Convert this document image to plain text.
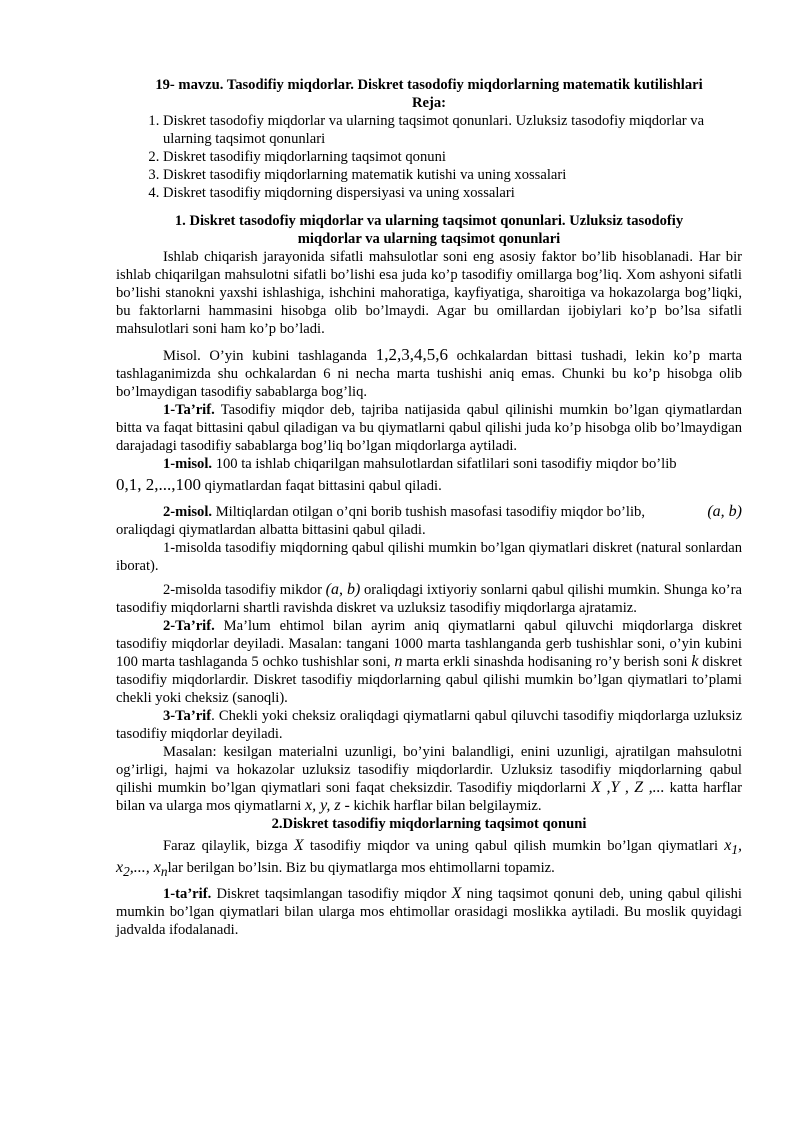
19- mavzu. Tasodifiy miqdorlar. Diskret tasodofiy miqdorlarning matematik kutilishlari
Reja:
1. Diskret tasodofiy miqdorlar va ularning taqsimot qonunlari. Uzluksiz tasodofiy miqdorlar va ularning taqsimot qonunlari
2. Diskret tasodifiy miqdorlarning taqsimot qonuni
3. Diskret tasodifiy miqdorlarning matematik kutishi va uning xossalari
4. Diskret tasodifiy miqdorning dispersiyasi va uning xossalari
1. Diskret tasodofiy miqdorlar va ularning taqsimot qonunlari. Uzluksiz tasodofiy miqdorlar va ularning taqsimot qonunlari

Ishlab chiqarish jarayonida sifatli mahsulotlar soni eng asosiy faktor bo’lib hisoblanadi. Har bir ishlab chiqarilgan mahsulotni sifatli bo’lishi esa juda ko’p tasodifiy omillarga bog’liq. Xom ashyoni sifatli bo’lishi stanokni yaxshi ishlashiga, ishchini mahoratiga, kayfiyatiga, sharoitiga va hokazolarga bog’liqki, bu faktorlarni hammasini hisobga olib bo’lmaydi. Agar bu omillardan ijobiylari ko’p bo’lsa sifatli mahsulotlari soni ham ko’p bo’ladi.

Misol. O’yin kubini tashlaganda 1,2,3,4,5,6 ochkalardan bittasi tushadi, lekin ko’p marta tashlaganimizda shu ochkalardan 6 ni necha marta tushishi aniq emas. Chunki bu ko’p hisobga olib bo’lmaydigan tasodifiy sabablarga bog’liq.

1-Ta’rif. Tasodifiy miqdor deb, tajriba natijasida qabul qilinishi mumkin bo’lgan qiymatlardan bitta va faqat bittasini qabul qiladigan va bu qiymatlarni qabul qilishi juda ko’p hisobga olib bo’lmaydigan darajadagi tasodifiy sabablarga bog’liq bo’lgan miqdorlarga aytiladi.

1-misol. 100 ta ishlab chiqarilgan mahsulotlardan sifatlilari soni tasodifiy miqdor bo’lib

0,1, 2,...,100 qiymatlardan faqat bittasini qabul qiladi.

2-misol. Miltiqlardan otilgan o’qni borib tushish masofasi tasodifiy miqdor bo’lib,	(a, b)

oraliqdagi qiymatlardan albatta bittasini qabul qiladi.

1-misolda tasodifiy miqdorning qabul qilishi mumkin bo’lgan qiymatlari diskret (natural sonlardan iborat).

2-misolda tasodifiy mikdor (a, b) oraliqdagi ixtiyoriy sonlarni qabul qilishi mumkin. Shunga ko’ra tasodifiy miqdorlarni shartli ravishda diskret va uzluksiz tasodifiy miqdorlarga ajratamiz.

2-Ta’rif. Ma’lum ehtimol bilan ayrim aniq qiymatlarni qabul qiluvchi miqdorlarga diskret tasodifiy miqdorlar deyiladi. Masalan: tangani 1000 marta tashlanganda gerb tushishlar soni, o’yin kubini 100 marta tashlaganda 5 ochko tushishlar soni, n marta erkli sinashda hodisaning ro’y berish soni k diskret tasodifiy miqdorlardir. Diskret tasodifiy miqdorlarning qabul qilishi mumkin bo’lgan qiymatlari to’plami chekli yoki cheksiz (sanoqli).

3-Ta’rif. Chekli yoki cheksiz oraliqdagi qiymatlarni qabul qiluvchi tasodifiy miqdorlarga uzluksiz tasodifiy miqdorlar deyiladi.

Masalan: kesilgan materialni uzunligi, bo’yini balandligi, enini uzunligi, ajratilgan mahsulotni og’irligi, hajmi va hokazolar uzluksiz tasodifiy miqdorlardir. Uzluksiz tasodifiy miqdorlarning qabul qilishi mumkin bo’lgan qiymatlari soni faqat cheksizdir. Tasodifiy miqdorlarni X ,Y , Z ,... katta harflar bilan va ularga mos qiymatlarni x, y, z - kichik harflar bilan belgilaymiz.

2.Diskret tasodifiy miqdorlarning taqsimot qonuni

Faraz qilaylik, bizga X tasodifiy miqdor va uning qabul qilish mumkin bo’lgan qiymatlari $x_1$, $x_2$,..., $x_nlar$ berilgan bo’lsin. Biz bu qiymatlarga mos ehtimollarni topamiz.

1-ta’rif. Diskret taqsimlangan tasodifiy miqdor X ning taqsimot qonuni deb, uning qabul qilishi mumkin bo’lgan qiymatlari bilan ularga mos ehtimollar orasidagi moslikka aytiladi. Bu moslik quyidagi jadvalda ifodalanadi.
